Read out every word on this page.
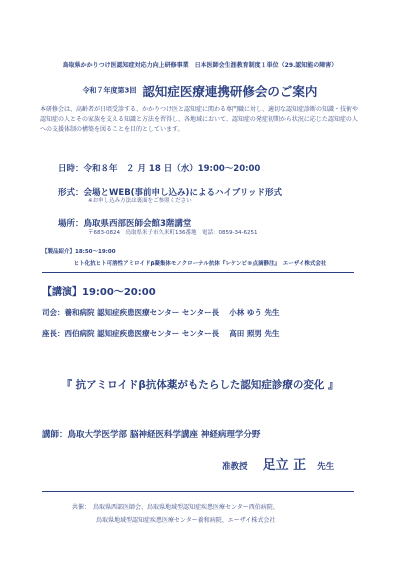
鳥取県かかりつけ医認知症対応力向上研修事業　日本医師会生涯教育制度１単位（29.認知能の障害）
令和７年度第3回 認知症医療連携研修会のご案内
本研修会は、高齢者が日頃受診する、かかりつけ医と認知症に関わる専門職に対し、適切な認知症診断の知識・技術や認知症の人とその家族を支える知識と方法を習得し、各地域において、認知症の発症初期から状況に応じた認知症の人への支援体制の構築を図ることを目的としています。
日時：令和８年　２ 月 18 日（水）19:00～20:00
形式：会場とWEB(事前申し込み)によるハイブリッド形式
※お申し込み方法は裏面をご参照ください
場所：鳥取県西部医師会館3階講堂
〒683-0824　鳥取県米子市久米町136番地　電話：0859-34-6251
【製品紹介】18:50～19:00
ヒト化抗ヒト可溶性アミロイドβ凝集体モノクローナル抗体『レケンビ®点滴静注』　エーザイ株式会社
【講演】19:00～20:00
司会：養和病院 認知症疾患医療センター センター長　 小林 ゆう 先生
座長：西伯病院 認知症疾患医療センター センター長　 高田 照男 先生
『 抗アミロイドβ抗体薬がもたらした認知症診療の変化 』
講師：鳥取大学医学部 脳神経医科学講座 神経病理学分野
准教授 足立 正 先生
共催：　鳥取県西部医師会、鳥取県地域型認知症疾患医療センター西伯病院、
鳥取県地域型認知症疾患医療センター養和病院、エーザイ株式会社
